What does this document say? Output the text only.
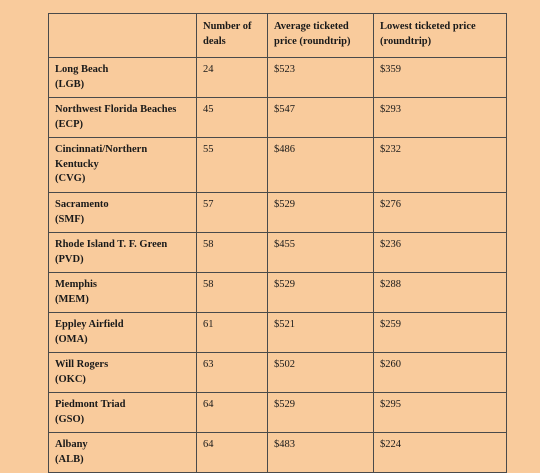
	Number of deals	Average ticketed price (roundtrip)	Lowest ticketed price (roundtrip)
Long Beach
(LGB)	24	$523	$359
Northwest Florida Beaches
(ECP)	45	$547	$293
Cincinnati/Northern Kentucky
(CVG)	55	$486	$232
Sacramento
(SMF)	57	$529	$276
Rhode Island T. F. Green
(PVD)	58	$455	$236
Memphis
(MEM)	58	$529	$288
Eppley Airfield
(OMA)	61	$521	$259
Will Rogers
(OKC)	63	$502	$260
Piedmont Triad
(GSO)	64	$529	$295
Albany
(ALB)	64	$483	$224
